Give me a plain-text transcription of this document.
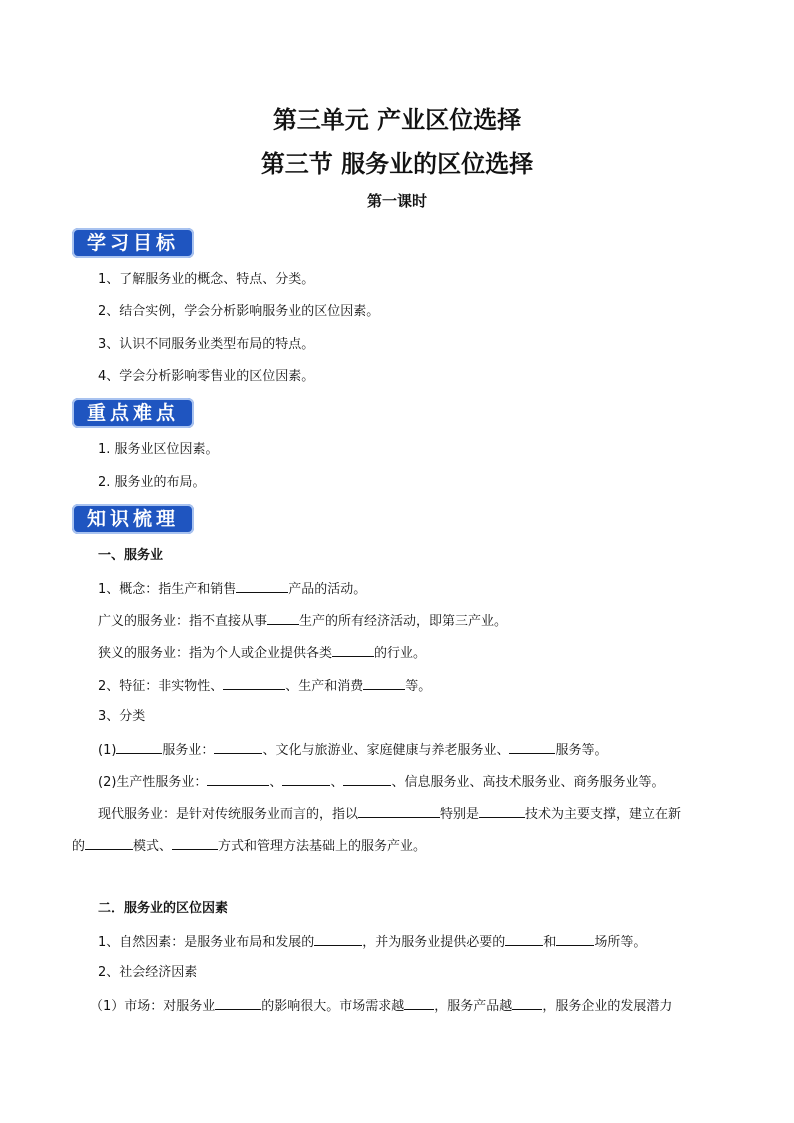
第三单元 产业区位选择
第三节 服务业的区位选择
第一课时
学习目标
1、了解服务业的概念、特点、分类。
2、结合实例，学会分析影响服务业的区位因素。
3、认识不同服务业类型布局的特点。
4、学会分析影响零售业的区位因素。
重点难点
1. 服务业区位因素。
2. 服务业的布局。
知识梳理
一、服务业
1、概念：指生产和销售	产品的活动。
广义的服务业：指不直接从事 生产的所有经济活动，即第三产业。
狭义的服务业：指为个人或企业提供各类	的行业。
2、特征：非实物性、	、生产和消费	等。
3、分类
(1)	服务业：	、文化与旅游业、家庭健康与养老服务业、	服务等。
(2)生产性服务业：	、	、	、信息服务业、高技术服务业、商务服务业等。
现代服务业：是针对传统服务业而言的，指以	特别是	技术为主要支撑，建立在新
的	模式、	方式和管理方法基础上的服务产业。
二．服务业的区位因素
1、自然因素：是服务业布局和发展的	，并为服务业提供必要的	和	场所等。
2、社会经济因素
（1）市场：对服务业	的影响很大。市场需求越 ，服务产品越 ，服务企业的发展潜力
